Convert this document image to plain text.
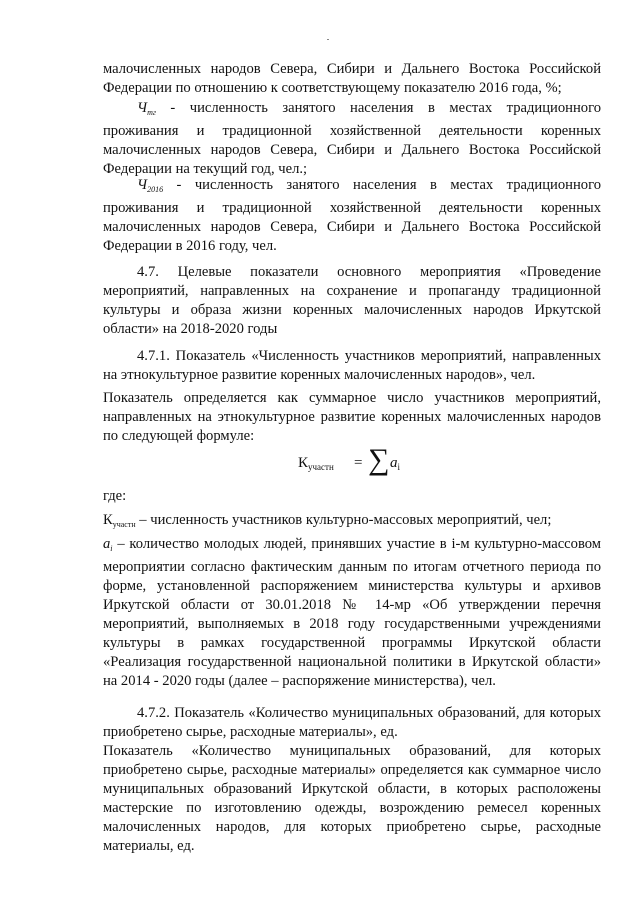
малочисленных народов Севера, Сибири и Дальнего Востока Российской Федерации по отношению к соответствующему показателю 2016 года, %;
$Ч_{тг}$ - численность занятого населения в местах традиционного проживания и традиционной хозяйственной деятельности коренных малочисленных народов Севера, Сибири и Дальнего Востока Российской Федерации на текущий год, чел.;
$Ч_{2016}$ - численность занятого населения в местах традиционного проживания и традиционной хозяйственной деятельности коренных малочисленных народов Севера, Сибири и Дальнего Востока Российской Федерации в 2016 году, чел.
4.7. Целевые показатели основного мероприятия «Проведение мероприятий, направленных на сохранение и пропаганду традиционной культуры и образа жизни коренных малочисленных народов Иркутской области» на 2018-2020 годы
4.7.1. Показатель «Численность участников мероприятий, направленных на этнокультурное развитие коренных малочисленных народов», чел.
Показатель определяется как суммарное число участников мероприятий, направленных на этнокультурное развитие коренных малочисленных народов по следующей формуле:
$К_{участн}$ = ∑ $a_i$
где:
$К_{участн}$ – численность участников культурно-массовых мероприятий, чел;
$a_i$ – количество молодых людей, принявших участие в i-м культурно-массовом мероприятии согласно фактическим данным по итогам отчетного периода по форме, установленной распоряжением министерства культуры и архивов Иркутской области от 30.01.2018 № 14-мр «Об утверждении перечня мероприятий, выполняемых в 2018 году государственными учреждениями культуры в рамках государственной программы Иркутской области «Реализация государственной национальной политики в Иркутской области» на 2014 - 2020 годы (далее – распоряжение министерства), чел.
4.7.2. Показатель «Количество муниципальных образований, для которых приобретено сырье, расходные материалы», ед.
Показатель «Количество муниципальных образований, для которых приобретено сырье, расходные материалы» определяется как суммарное число муниципальных образований Иркутской области, в которых расположены мастерские по изготовлению одежды, возрождению ремесел коренных малочисленных народов, для которых приобретено сырье, расходные материалы, ед.
